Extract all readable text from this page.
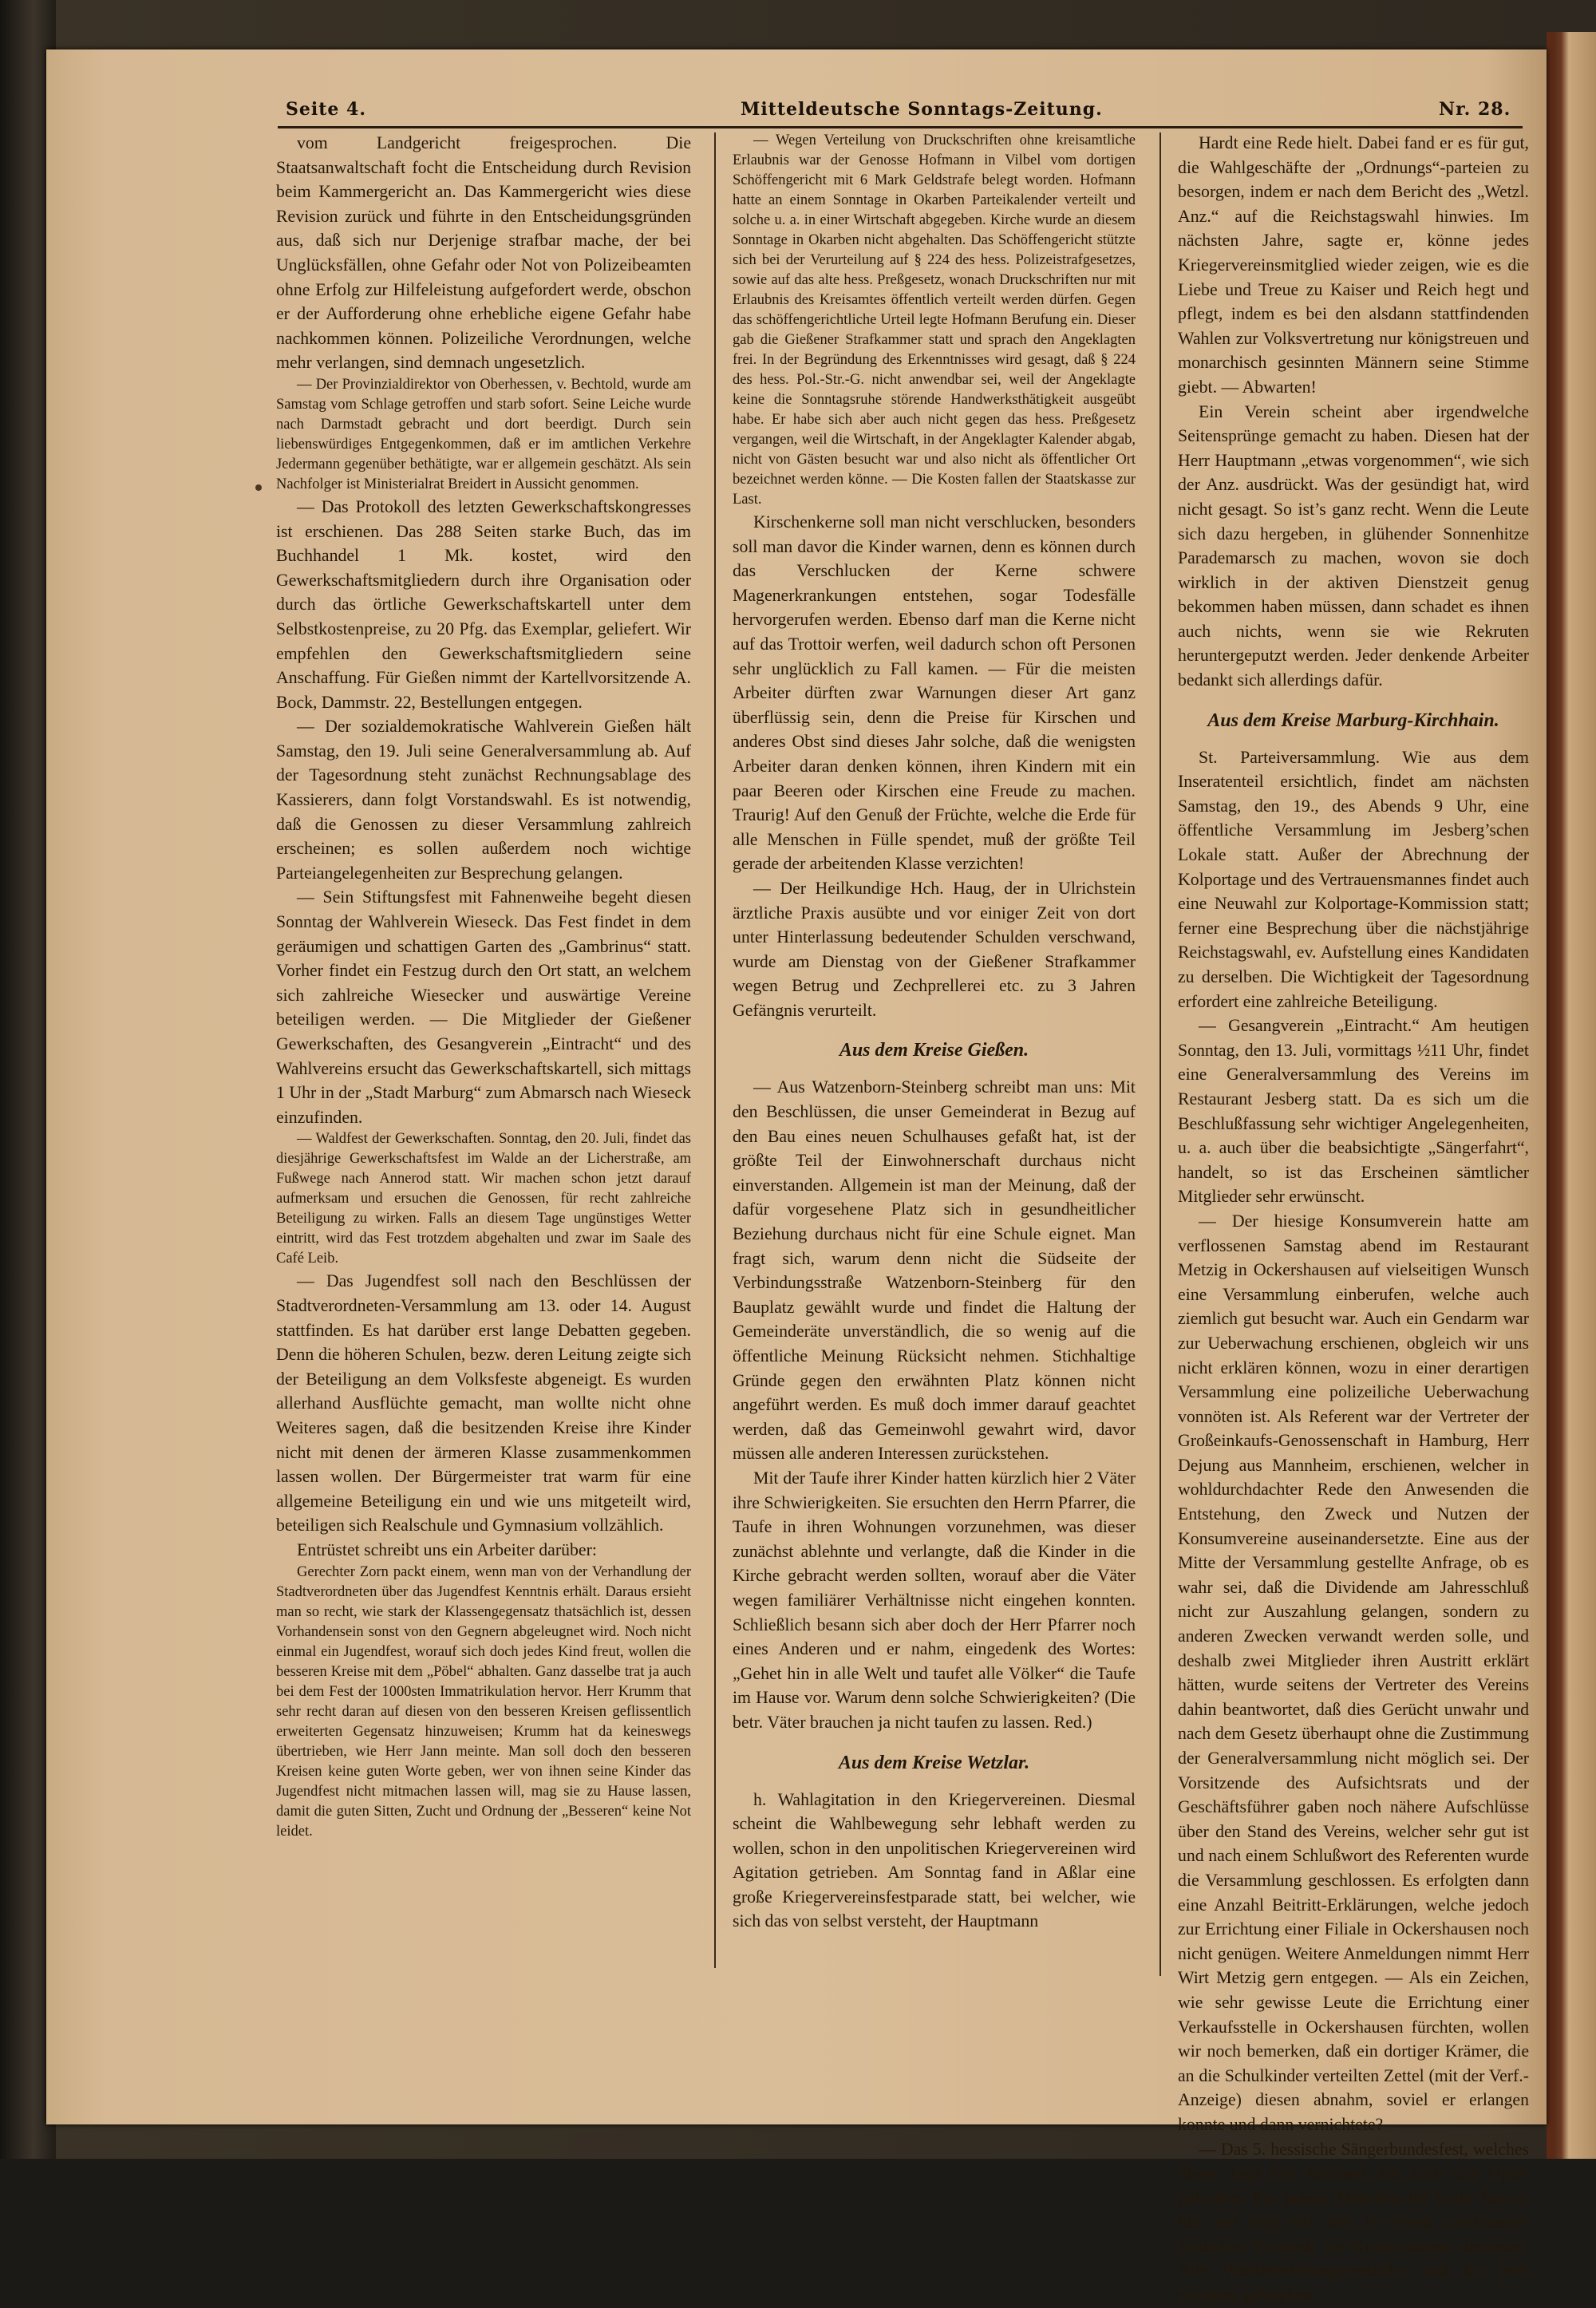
Seite 4.	Mitteldeutsche Sonntags-Zeitung.	Nr. 28.

vom Landgericht freigesprochen. Die Staatsanwaltschaft focht die Entscheidung durch Revision beim Kammergericht an. Das Kammergericht wies diese Revision zurück und führte in den Entscheidungsgründen aus, daß sich nur Derjenige strafbar mache, der bei Unglücksfällen, ohne Gefahr oder Not von Polizeibeamten ohne Erfolg zur Hilfeleistung aufgefordert werde, obschon er der Aufforderung ohne erhebliche eigene Gefahr habe nachkommen können. Polizeiliche Verordnungen, welche mehr verlangen, sind demnach ungesetzlich.

— Der Provinzialdirektor von Oberhessen, v. Bechtold, wurde am Samstag vom Schlage getroffen und starb sofort. Seine Leiche wurde nach Darmstadt gebracht und dort beerdigt. Durch sein liebenswürdiges Entgegenkommen, daß er im amtlichen Verkehre Jedermann gegenüber bethätigte, war er allgemein geschätzt. Als sein Nachfolger ist Ministerialrat Breidert in Aussicht genommen.

— Das Protokoll des letzten Gewerkschaftskongresses ist erschienen. Das 288 Seiten starke Buch, das im Buchhandel 1 Mk. kostet, wird den Gewerkschaftsmitgliedern durch ihre Organisation oder durch das örtliche Gewerkschaftskartell unter dem Selbstkostenpreise, zu 20 Pfg. das Exemplar, geliefert. Wir empfehlen den Gewerkschaftsmitgliedern seine Anschaffung. Für Gießen nimmt der Kartellvorsitzende A. Bock, Dammstr. 22, Bestellungen entgegen.

— Der sozialdemokratische Wahlverein Gießen hält Samstag, den 19. Juli seine Generalversammlung ab. Auf der Tagesordnung steht zunächst Rechnungsablage des Kassierers, dann folgt Vorstandswahl. Es ist notwendig, daß die Genossen zu dieser Versammlung zahlreich erscheinen; es sollen außerdem noch wichtige Parteiangelegenheiten zur Besprechung gelangen.

— Sein Stiftungsfest mit Fahnenweihe begeht diesen Sonntag der Wahlverein Wieseck. Das Fest findet in dem geräumigen und schattigen Garten des „Gambrinus“ statt. Vorher findet ein Festzug durch den Ort statt, an welchem sich zahlreiche Wiesecker und auswärtige Vereine beteiligen werden. — Die Mitglieder der Gießener Gewerkschaften, des Gesangverein „Eintracht“ und des Wahlvereins ersucht das Gewerkschaftskartell, sich mittags 1 Uhr in der „Stadt Marburg“ zum Abmarsch nach Wieseck einzufinden.

— Waldfest der Gewerkschaften. Sonntag, den 20. Juli, findet das diesjährige Gewerkschaftsfest im Walde an der Licherstraße, am Fußwege nach Annerod statt. Wir machen schon jetzt darauf aufmerksam und ersuchen die Genossen, für recht zahlreiche Beteiligung zu wirken. Falls an diesem Tage ungünstiges Wetter eintritt, wird das Fest trotzdem abgehalten und zwar im Saale des Café Leib.

— Das Jugendfest soll nach den Beschlüssen der Stadtverordneten-Versammlung am 13. oder 14. August stattfinden. Es hat darüber erst lange Debatten gegeben. Denn die höheren Schulen, bezw. deren Leitung zeigte sich der Beteiligung an dem Volksfeste abgeneigt. Es wurden allerhand Ausflüchte gemacht, man wollte nicht ohne Weiteres sagen, daß die besitzenden Kreise ihre Kinder nicht mit denen der ärmeren Klasse zusammenkommen lassen wollen. Der Bürgermeister trat warm für eine allgemeine Beteiligung ein und wie uns mitgeteilt wird, beteiligen sich Realschule und Gymnasium vollzählich.

Entrüstet schreibt uns ein Arbeiter darüber:

Gerechter Zorn packt einem, wenn man von der Verhandlung der Stadtverordneten über das Jugendfest Kenntnis erhält. Daraus ersieht man so recht, wie stark der Klassengegensatz thatsächlich ist, dessen Vorhandensein sonst von den Gegnern abgeleugnet wird. Noch nicht einmal ein Jugendfest, worauf sich doch jedes Kind freut, wollen die besseren Kreise mit dem „Pöbel“ abhalten. Ganz dasselbe trat ja auch bei dem Fest der 1000sten Immatrikulation hervor. Herr Krumm that sehr recht daran auf diesen von den besseren Kreisen geflissentlich erweiterten Gegensatz hinzuweisen; Krumm hat da keineswegs übertrieben, wie Herr Jann meinte. Man soll doch den besseren Kreisen keine guten Worte geben, wer von ihnen seine Kinder das Jugendfest nicht mitmachen lassen will, mag sie zu Hause lassen, damit die guten Sitten, Zucht und Ordnung der „Besseren“ keine Not leidet.

— Wegen Verteilung von Druckschriften ohne kreisamtliche Erlaubnis war der Genosse Hofmann in Vilbel vom dortigen Schöffengericht mit 6 Mark Geldstrafe belegt worden. Hofmann hatte an einem Sonntage in Okarben Parteikalender verteilt und solche u. a. in einer Wirtschaft abgegeben. Kirche wurde an diesem Sonntage in Okarben nicht abgehalten. Das Schöffengericht stützte sich bei der Verurteilung auf § 224 des hess. Polizeistrafgesetzes, sowie auf das alte hess. Preßgesetz, wonach Druckschriften nur mit Erlaubnis des Kreisamtes öffentlich verteilt werden dürfen. Gegen das schöffengerichtliche Urteil legte Hofmann Berufung ein. Dieser gab die Gießener Strafkammer statt und sprach den Angeklagten frei. In der Begründung des Erkenntnisses wird gesagt, daß § 224 des hess. Pol.-Str.-G. nicht anwendbar sei, weil der Angeklagte keine die Sonntagsruhe störende Handwerksthätigkeit ausgeübt habe. Er habe sich aber auch nicht gegen das hess. Preßgesetz vergangen, weil die Wirtschaft, in der Angeklagter Kalender abgab, nicht von Gästen besucht war und also nicht als öffentlicher Ort bezeichnet werden könne. — Die Kosten fallen der Staatskasse zur Last.

Kirschenkerne soll man nicht verschlucken, besonders soll man davor die Kinder warnen, denn es können durch das Verschlucken der Kerne schwere Magenerkrankungen entstehen, sogar Todesfälle hervorgerufen werden. Ebenso darf man die Kerne nicht auf das Trottoir werfen, weil dadurch schon oft Personen sehr unglücklich zu Fall kamen. — Für die meisten Arbeiter dürften zwar Warnungen dieser Art ganz überflüssig sein, denn die Preise für Kirschen und anderes Obst sind dieses Jahr solche, daß die wenigsten Arbeiter daran denken können, ihren Kindern mit ein paar Beeren oder Kirschen eine Freude zu machen. Traurig! Auf den Genuß der Früchte, welche die Erde für alle Menschen in Fülle spendet, muß der größte Teil gerade der arbeitenden Klasse verzichten!

— Der Heilkundige Hch. Haug, der in Ulrichstein ärztliche Praxis ausübte und vor einiger Zeit von dort unter Hinterlassung bedeutender Schulden verschwand, wurde am Dienstag von der Gießener Strafkammer wegen Betrug und Zechprellerei etc. zu 3 Jahren Gefängnis verurteilt.

Aus dem Kreise Gießen.

— Aus Watzenborn-Steinberg schreibt man uns: Mit den Beschlüssen, die unser Gemeinderat in Bezug auf den Bau eines neuen Schulhauses gefaßt hat, ist der größte Teil der Einwohnerschaft durchaus nicht einverstanden. Allgemein ist man der Meinung, daß der dafür vorgesehene Platz sich in gesundheitlicher Beziehung durchaus nicht für eine Schule eignet. Man fragt sich, warum denn nicht die Südseite der Verbindungsstraße Watzenborn-Steinberg für den Bauplatz gewählt wurde und findet die Haltung der Gemeinderäte unverständlich, die so wenig auf die öffentliche Meinung Rücksicht nehmen. Stichhaltige Gründe gegen den erwähnten Platz können nicht angeführt werden. Es muß doch immer darauf geachtet werden, daß das Gemeinwohl gewahrt wird, davor müssen alle anderen Interessen zurückstehen.

Mit der Taufe ihrer Kinder hatten kürzlich hier 2 Väter ihre Schwierigkeiten. Sie ersuchten den Herrn Pfarrer, die Taufe in ihren Wohnungen vorzunehmen, was dieser zunächst ablehnte und verlangte, daß die Kinder in die Kirche gebracht werden sollten, worauf aber die Väter wegen familiärer Verhältnisse nicht eingehen konnten. Schließlich besann sich aber doch der Herr Pfarrer noch eines Anderen und er nahm, eingedenk des Wortes: „Gehet hin in alle Welt und taufet alle Völker“ die Taufe im Hause vor. Warum denn solche Schwierigkeiten? (Die betr. Väter brauchen ja nicht taufen zu lassen. Red.)

Aus dem Kreise Wetzlar.

h. Wahlagitation in den Kriegervereinen. Diesmal scheint die Wahlbewegung sehr lebhaft werden zu wollen, schon in den unpolitischen Kriegervereinen wird Agitation getrieben. Am Sonntag fand in Aßlar eine große Kriegervereinsfestparade statt, bei welcher, wie sich das von selbst versteht, der Hauptmann

Hardt eine Rede hielt. Dabei fand er es für gut, die Wahlgeschäfte der „Ordnungs“-parteien zu besorgen, indem er nach dem Bericht des „Wetzl. Anz.“ auf die Reichstagswahl hinwies. Im nächsten Jahre, sagte er, könne jedes Kriegervereinsmitglied wieder zeigen, wie es die Liebe und Treue zu Kaiser und Reich hegt und pflegt, indem es bei den alsdann stattfindenden Wahlen zur Volksvertretung nur königstreuen und monarchisch gesinnten Männern seine Stimme giebt. — Abwarten!

Ein Verein scheint aber irgendwelche Seitensprünge gemacht zu haben. Diesen hat der Herr Hauptmann „etwas vorgenommen“, wie sich der Anz. ausdrückt. Was der gesündigt hat, wird nicht gesagt. So ist’s ganz recht. Wenn die Leute sich dazu hergeben, in glühender Sonnenhitze Parademarsch zu machen, wovon sie doch wirklich in der aktiven Dienstzeit genug bekommen haben müssen, dann schadet es ihnen auch nichts, wenn sie wie Rekruten heruntergeputzt werden. Jeder denkende Arbeiter bedankt sich allerdings dafür.

Aus dem Kreise Marburg-Kirchhain.

St. Parteiversammlung. Wie aus dem Inseratenteil ersichtlich, findet am nächsten Samstag, den 19., des Abends 9 Uhr, eine öffentliche Versammlung im Jesberg’schen Lokale statt. Außer der Abrechnung der Kolportage und des Vertrauensmannes findet auch eine Neuwahl zur Kolportage-Kommission statt; ferner eine Besprechung über die nächstjährige Reichstagswahl, ev. Aufstellung eines Kandidaten zu derselben. Die Wichtigkeit der Tagesordnung erfordert eine zahlreiche Beteiligung.

— Gesangverein „Eintracht.“ Am heutigen Sonntag, den 13. Juli, vormittags ½11 Uhr, findet eine Generalversammlung des Vereins im Restaurant Jesberg statt. Da es sich um die Beschlußfassung sehr wichtiger Angelegenheiten, u. a. auch über die beabsichtigte „Sängerfahrt“, handelt, so ist das Erscheinen sämtlicher Mitglieder sehr erwünscht.

— Der hiesige Konsumverein hatte am verflossenen Samstag abend im Restaurant Metzig in Ockershausen auf vielseitigen Wunsch eine Versammlung einberufen, welche auch ziemlich gut besucht war. Auch ein Gendarm war zur Ueberwachung erschienen, obgleich wir uns nicht erklären können, wozu in einer derartigen Versammlung eine polizeiliche Ueberwachung vonnöten ist. Als Referent war der Vertreter der Großeinkaufs-Genossenschaft in Hamburg, Herr Dejung aus Mannheim, erschienen, welcher in wohldurchdachter Rede den Anwesenden die Entstehung, den Zweck und Nutzen der Konsumvereine auseinandersetzte. Eine aus der Mitte der Versammlung gestellte Anfrage, ob es wahr sei, daß die Dividende am Jahresschluß nicht zur Auszahlung gelangen, sondern zu anderen Zwecken verwandt werden solle, und deshalb zwei Mitglieder ihren Austritt erklärt hätten, wurde seitens der Vertreter des Vereins dahin beantwortet, daß dies Gerücht unwahr und nach dem Gesetz überhaupt ohne die Zustimmung der Generalversammlung nicht möglich sei. Der Vorsitzende des Aufsichtsrats und der Geschäftsführer gaben noch nähere Aufschlüsse über den Stand des Vereins, welcher sehr gut ist und nach einem Schlußwort des Referenten wurde die Versammlung geschlossen. Es erfolgten dann eine Anzahl Beitritt-Erklärungen, welche jedoch zur Errichtung einer Filiale in Ockershausen noch nicht genügen. Weitere Anmeldungen nimmt Herr Wirt Metzig gern entgegen. — Als ein Zeichen, wie sehr gewisse Leute die Errichtung einer Verkaufsstelle in Ockershausen fürchten, wollen wir noch bemerken, daß ein dortiger Krämer, die an die Schulkinder verteilten Zettel (mit der Verf.-Anzeige) diesen abnahm, soviel er erlangen konnte und dann vernichtete?

— Das 5. hessische Sängerbundesfest, welches dieser Tage hier stattfand, hat auch sein Opfer gefordert. Ein junges Mädchen fiel beim Tanzen hin und liegt seit dem in einem starrkrampf-ähnlichen Zustande im Krankenhause darnieder. Alle Wiederbelebungsversuche sind bis jetzt erfolglos geblieben.
